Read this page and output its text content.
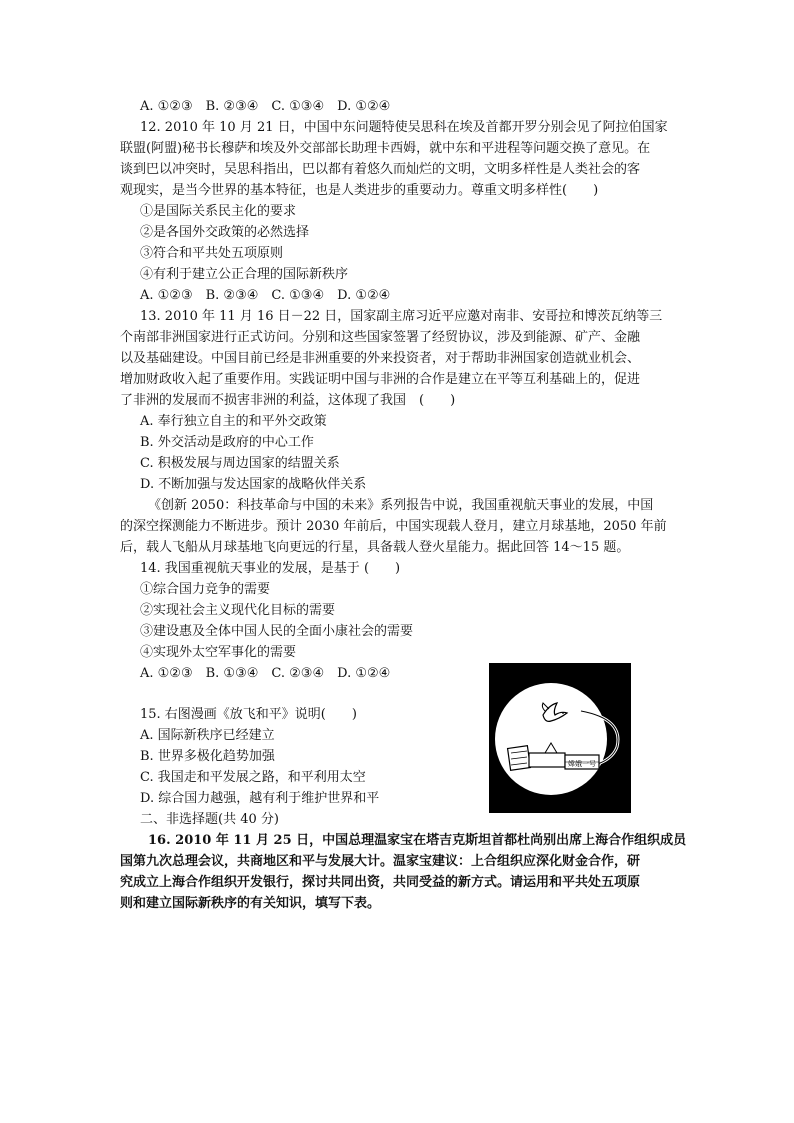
A. ①②③　B. ②③④　C. ①③④　D. ①②④
12. 2010 年 10 月 21 日，中国中东问题特使吴思科在埃及首都开罗分别会见了阿拉伯国家
联盟(阿盟)秘书长穆萨和埃及外交部部长助理卡西姆，就中东和平进程等问题交换了意见。在
谈到巴以冲突时，吴思科指出，巴以都有着悠久而灿烂的文明，文明多样性是人类社会的客
观现实，是当今世界的基本特征，也是人类进步的重要动力。尊重文明多样性(　　)
①是国际关系民主化的要求
②是各国外交政策的必然选择
③符合和平共处五项原则
④有利于建立公正合理的国际新秩序
A. ①②③　B. ②③④　C. ①③④　D. ①②④
13. 2010 年 11 月 16 日－22 日，国家副主席习近平应邀对南非、安哥拉和博茨瓦纳等三
个南部非洲国家进行正式访问。分别和这些国家签署了经贸协议，涉及到能源、矿产、金融
以及基础建设。中国目前已经是非洲重要的外来投资者，对于帮助非洲国家创造就业机会、
增加财政收入起了重要作用。实践证明中国与非洲的合作是建立在平等互利基础上的，促进
了非洲的发展而不损害非洲的利益，这体现了我国　(　　)
A. 奉行独立自主的和平外交政策
B. 外交活动是政府的中心工作
C. 积极发展与周边国家的结盟关系
D. 不断加强与发达国家的战略伙伴关系
《创新 2050：科技革命与中国的未来》系列报告中说，我国重视航天事业的发展，中国
的深空探测能力不断进步。预计 2030 年前后，中国实现载人登月，建立月球基地，2050 年前
后，载人飞船从月球基地飞向更远的行星，具备载人登火星能力。据此回答 14～15 题。
14. 我国重视航天事业的发展，是基于 (　　)
①综合国力竞争的需要
②实现社会主义现代化目标的需要
③建设惠及全体中国人民的全面小康社会的需要
④实现外太空军事化的需要
A. ①②③　B. ①③④　C. ②③④　D. ①②④
15. 右图漫画《放飞和平》说明(　　)
A. 国际新秩序已经建立
B. 世界多极化趋势加强
C. 我国走和平发展之路，和平利用太空
D. 综合国力越强，越有利于维护世界和平
二、非选择题(共 40 分)
16. 2010 年 11 月 25 日，中国总理温家宝在塔吉克斯坦首都杜尚别出席上海合作组织成员
国第九次总理会议，共商地区和平与发展大计。温家宝建议：上合组织应深化财金合作，研
究成立上海合作组织开发银行，探讨共同出资，共同受益的新方式。请运用和平共处五项原
则和建立国际新秩序的有关知识，填写下表。
嫦娥一号
